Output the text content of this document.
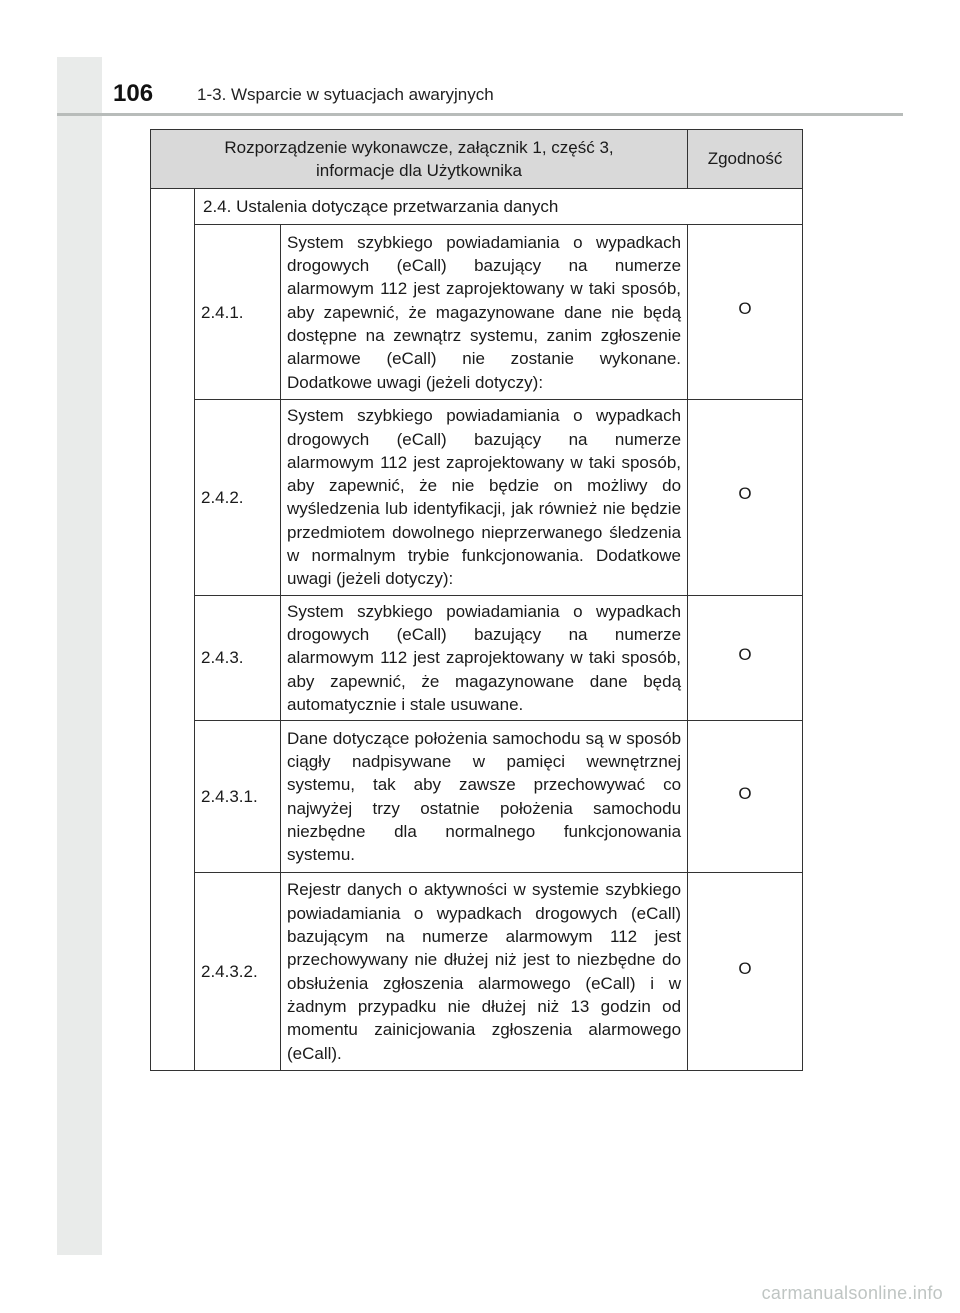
106	1-3. Wsparcie w sytuacjach awaryjnych
Rozporządzenie wykonawcze, załącznik 1, część 3,
informacje dla Użytkownika			Zgodność
	2.4. Ustalenia dotyczące przetwarzania danych		
	2.4.1.	System szybkiego powiadamiania o wypadkach drogowych (eCall) bazujący na numerze alarmowym 112 jest zaprojektowany w taki sposób, aby zapewnić, że magazynowane dane nie będą dostępne na zewnątrz systemu, zanim zgłoszenie alarmowe (eCall) nie zostanie wykonane. Dodatkowe uwagi (jeżeli dotyczy):	O
	2.4.2.	System szybkiego powiadamiania o wypadkach drogowych (eCall) bazujący na numerze alarmowym 112 jest zaprojektowany w taki sposób, aby zapewnić, że nie będzie on możliwy do wyśledzenia lub identyfikacji, jak również nie będzie przedmiotem dowolnego nieprzerwanego śledzenia w normalnym trybie funkcjonowania. Dodatkowe uwagi (jeżeli dotyczy):	O
	2.4.3.	System szybkiego powiadamiania o wypadkach drogowych (eCall) bazujący na numerze alarmowym 112 jest zaprojektowany w taki sposób, aby zapewnić, że magazynowane dane będą automatycznie i stale usuwane.	O
	2.4.3.1.	Dane dotyczące położenia samochodu są w sposób ciągły nadpisywane w pamięci wewnętrznej systemu, tak aby zawsze przechowywać co najwyżej trzy ostatnie położenia samochodu niezbędne dla normalnego funkcjonowania systemu.	O
	2.4.3.2.	Rejestr danych o aktywności w systemie szybkiego powiadamiania o wypadkach drogowych (eCall) bazującym na numerze alarmowym 112 jest przechowywany nie dłużej niż jest to niezbędne do obsłużenia zgłoszenia alarmowego (eCall) i w żadnym przypadku nie dłużej niż 13 godzin od momentu zainicjowania zgłoszenia alarmowego (eCall).	O
carmanualsonline.info
